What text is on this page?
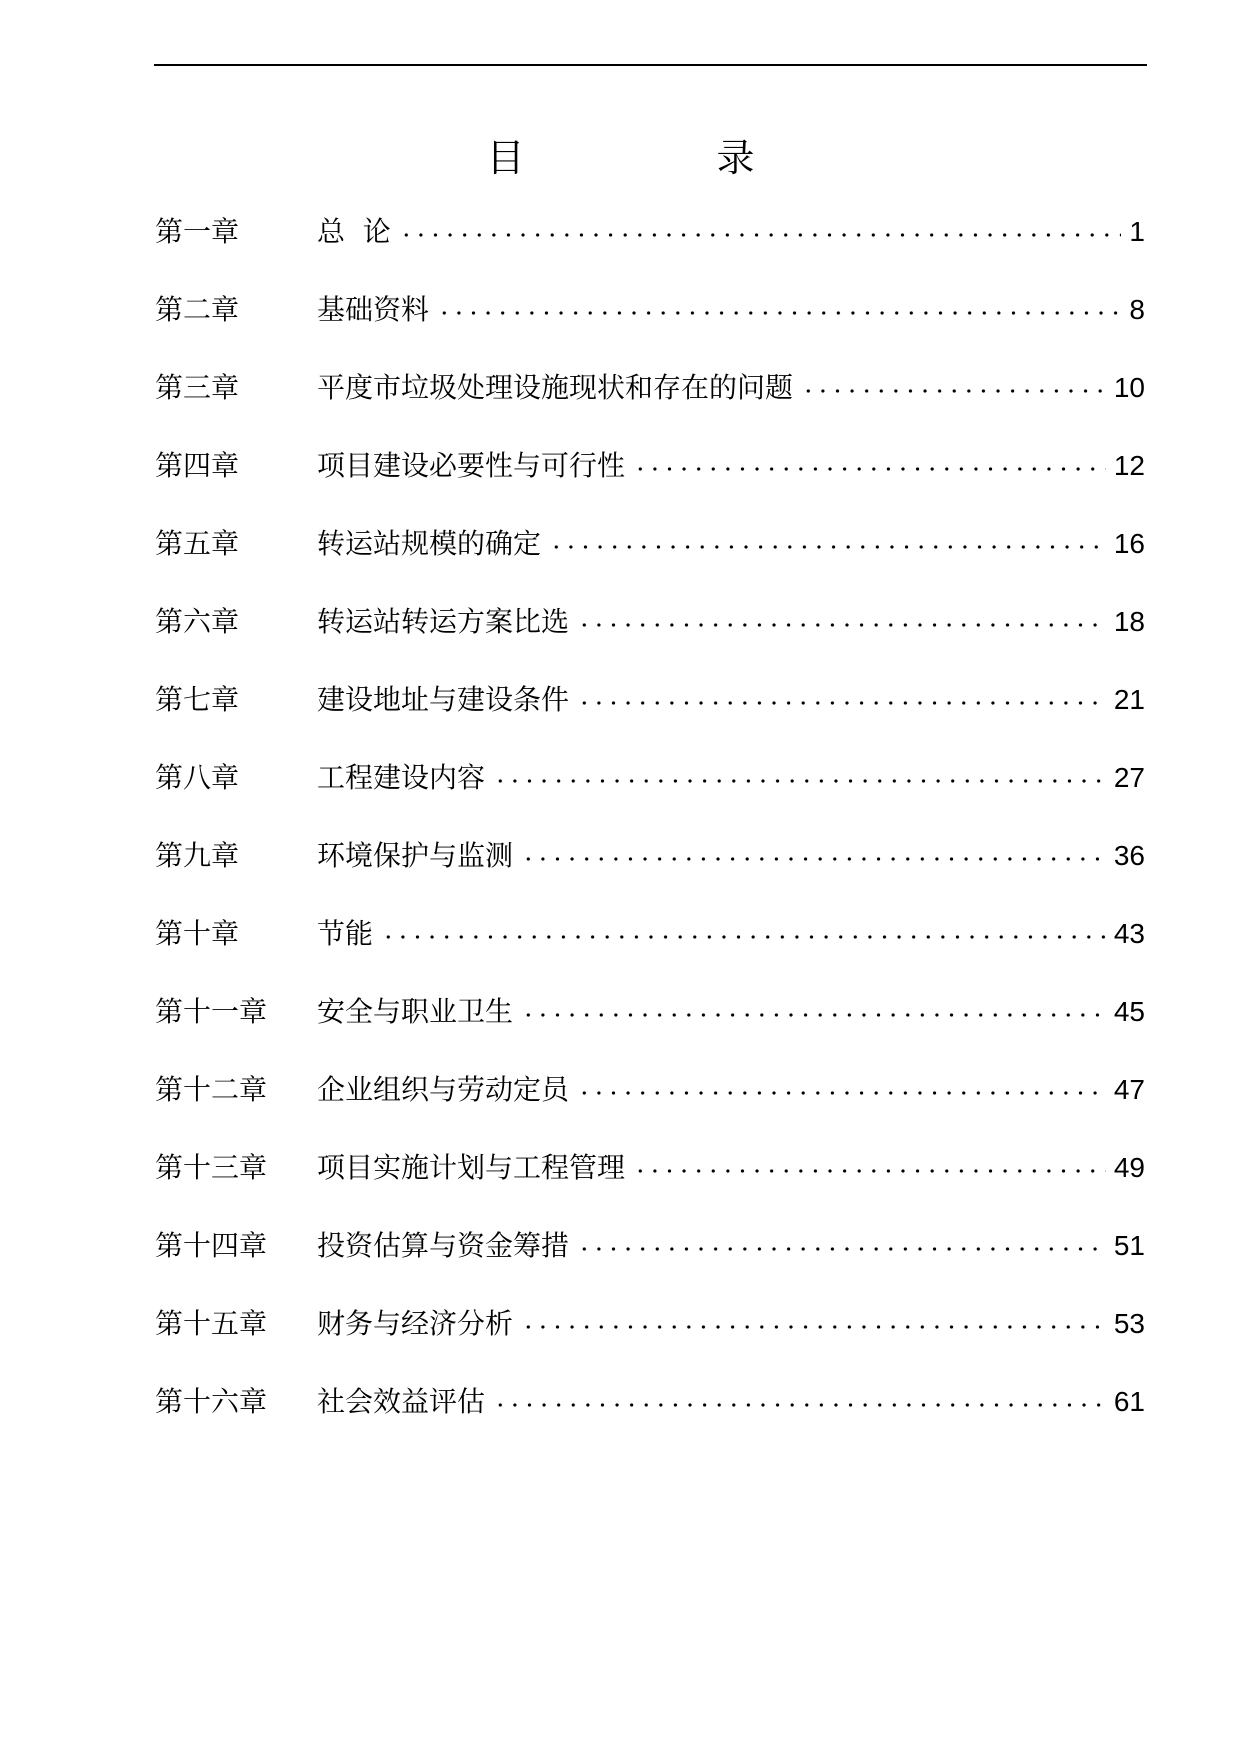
目 录
第一章	总  论	1
第二章	基础资料	8
第三章	平度市垃圾处理设施现状和存在的问题	10
第四章	项目建设必要性与可行性	12
第五章	转运站规模的确定	16
第六章	转运站转运方案比选	18
第七章	建设地址与建设条件	21
第八章	工程建设内容	27
第九章	环境保护与监测	36
第十章	节能	43
第十一章	安全与职业卫生	45
第十二章	企业组织与劳动定员	47
第十三章	项目实施计划与工程管理	49
第十四章	投资估算与资金筹措	51
第十五章	财务与经济分析	53
第十六章	社会效益评估	61
